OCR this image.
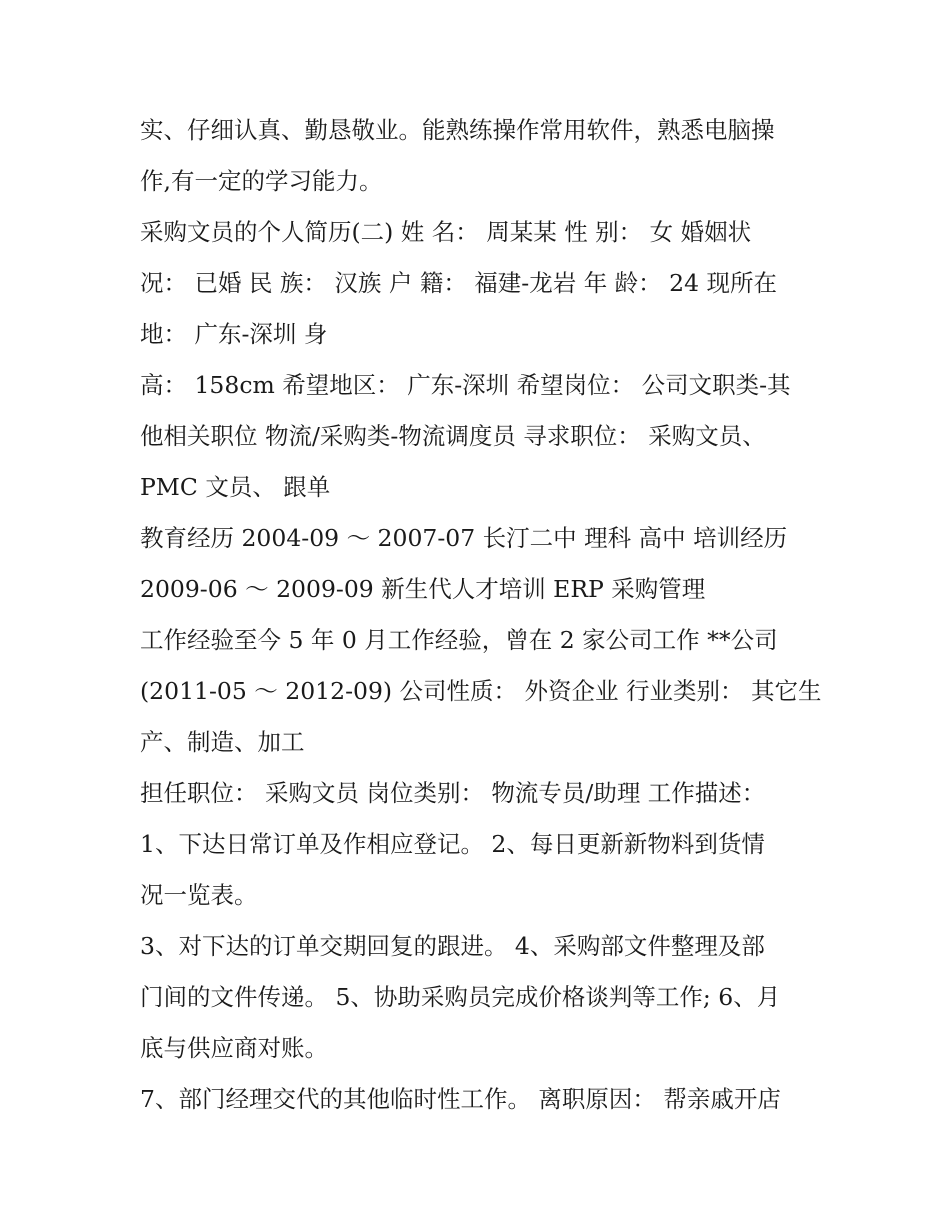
实、仔细认真、勤恳敬业。能熟练操作常用软件，熟悉电脑操
作,有一定的学习能力。
采购文员的个人简历(二) 姓 名： 周某某 性 别： 女 婚姻状
况： 已婚 民 族： 汉族 户 籍： 福建-龙岩 年 龄： 24 现所在
地： 广东-深圳 身
高： 158cm 希望地区： 广东-深圳 希望岗位： 公司文职类-其
他相关职位 物流/采购类-物流调度员 寻求职位： 采购文员、
PMC 文员、 跟单
教育经历 2004-09 ～ 2007-07 长汀二中 理科 高中 培训经历
2009-06 ～ 2009-09 新生代人才培训 ERP 采购管理
工作经验至今 5 年 0 月工作经验，曾在 2 家公司工作 **公司
(2011-05 ～ 2012-09) 公司性质： 外资企业 行业类别： 其它生
产、制造、加工
担任职位： 采购文员 岗位类别： 物流专员/助理 工作描述：
1、下达日常订单及作相应登记。 2、每日更新新物料到货情
况一览表。
3、对下达的订单交期回复的跟进。 4、采购部文件整理及部
门间的文件传递。 5、协助采购员完成价格谈判等工作; 6、月
底与供应商对账。
7、部门经理交代的其他临时性工作。 离职原因： 帮亲戚开店
